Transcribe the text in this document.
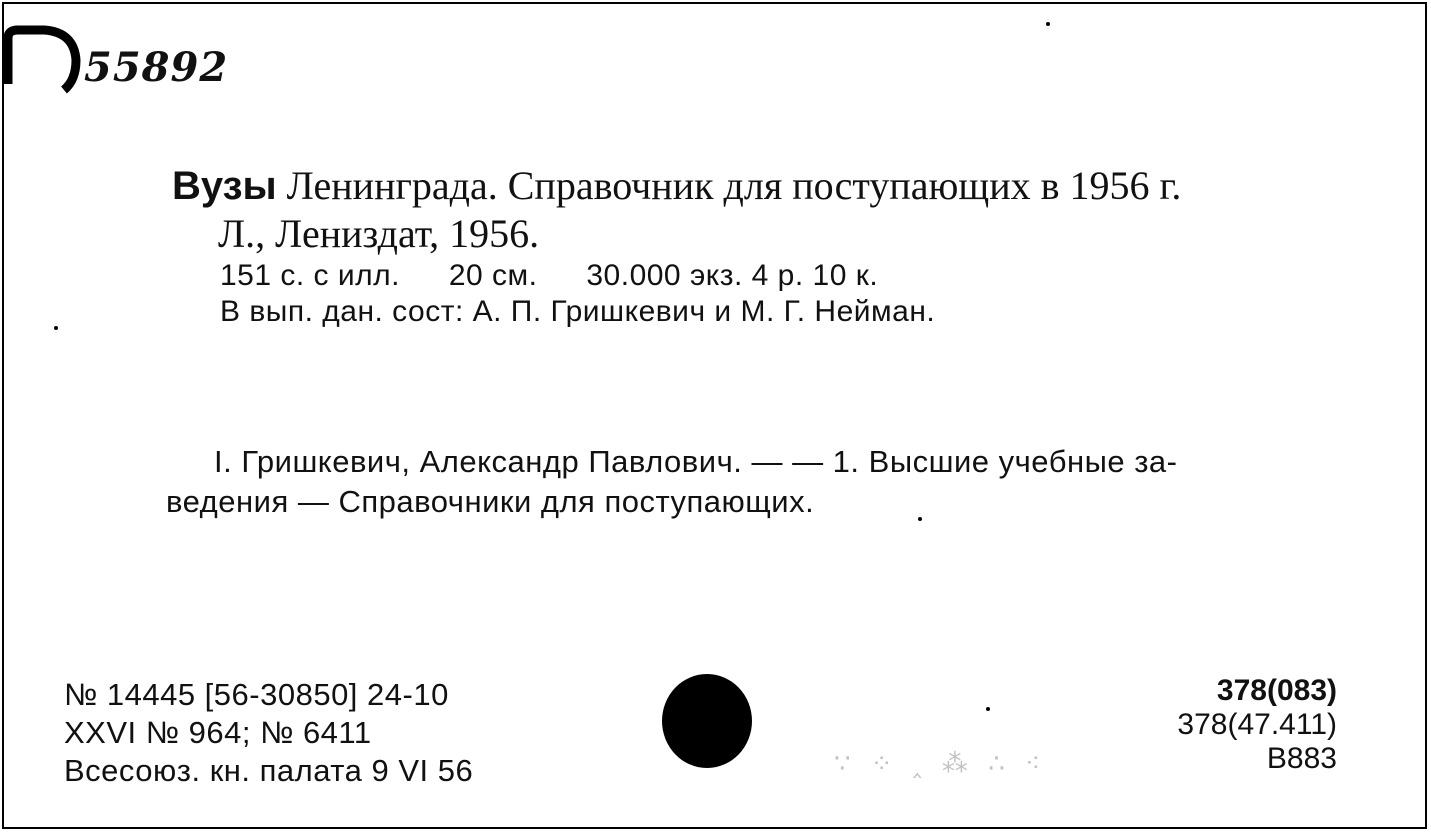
55892
Вузы Ленинграда. Справочник для поступающих в 1956 г.
Л., Лениздат, 1956.
151 с. с илл. 20 см. 30.000 экз. 4 р. 10 к.
В вып. дан. сост: А. П. Гришкевич и М. Г. Нейман.
I. Гришкевич, Александр Павлович. — — 1. Высшие учебные за-
ведения — Справочники для поступающих.
№ 14445 [56-30850] 24-10
XXVI № 964; № 6411
Всесоюз. кн. палата 9 VI 56
378(083)
378(47.411)
В883
∵ ⁘ ‸ ⁂ ∴ ⁖
